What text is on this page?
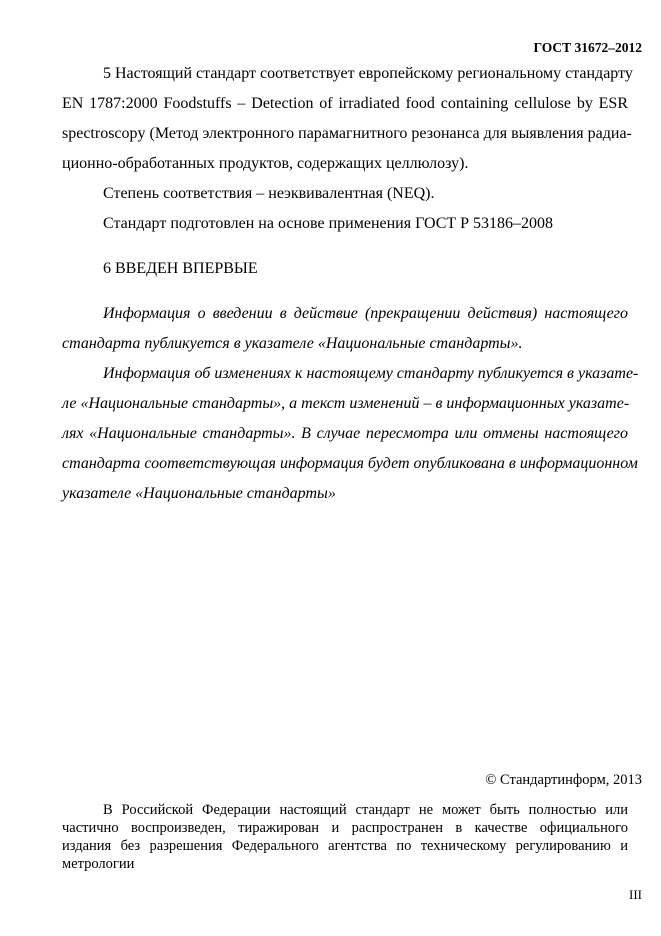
ГОСТ 31672–2012
5 Настоящий стандарт соответствует европейскому региональному стандарту
EN 1787:2000 Foodstuffs – Detection of irradiated food containing cellulose by ESR
spectroscopy (Метод электронного парамагнитного резонанса для выявления радиа-
ционно-обработанных продуктов, содержащих целлюлозу).
Степень соответствия – неэквивалентная (NEQ).
Стандарт подготовлен на основе применения ГОСТ Р 53186–2008
6 ВВЕДЕН ВПЕРВЫЕ
Информация о введении в действие (прекращении действия) настоящего
стандарта публикуется в указателе «Национальные стандарты».
Информация об изменениях к настоящему стандарту публикуется в указате-
ле «Национальные стандарты», а текст изменений – в информационных указате-
лях «Национальные стандарты». В случае пересмотра или отмены настоящего
стандарта соответствующая информация будет опубликована в информационном
указателе «Национальные стандарты»
© Стандартинформ, 2013
В Российской Федерации настоящий стандарт не может быть полностью или
частично воспроизведен, тиражирован и распространен в качестве официального
издания без разрешения Федерального агентства по техническому регулированию и
метрологии
III
